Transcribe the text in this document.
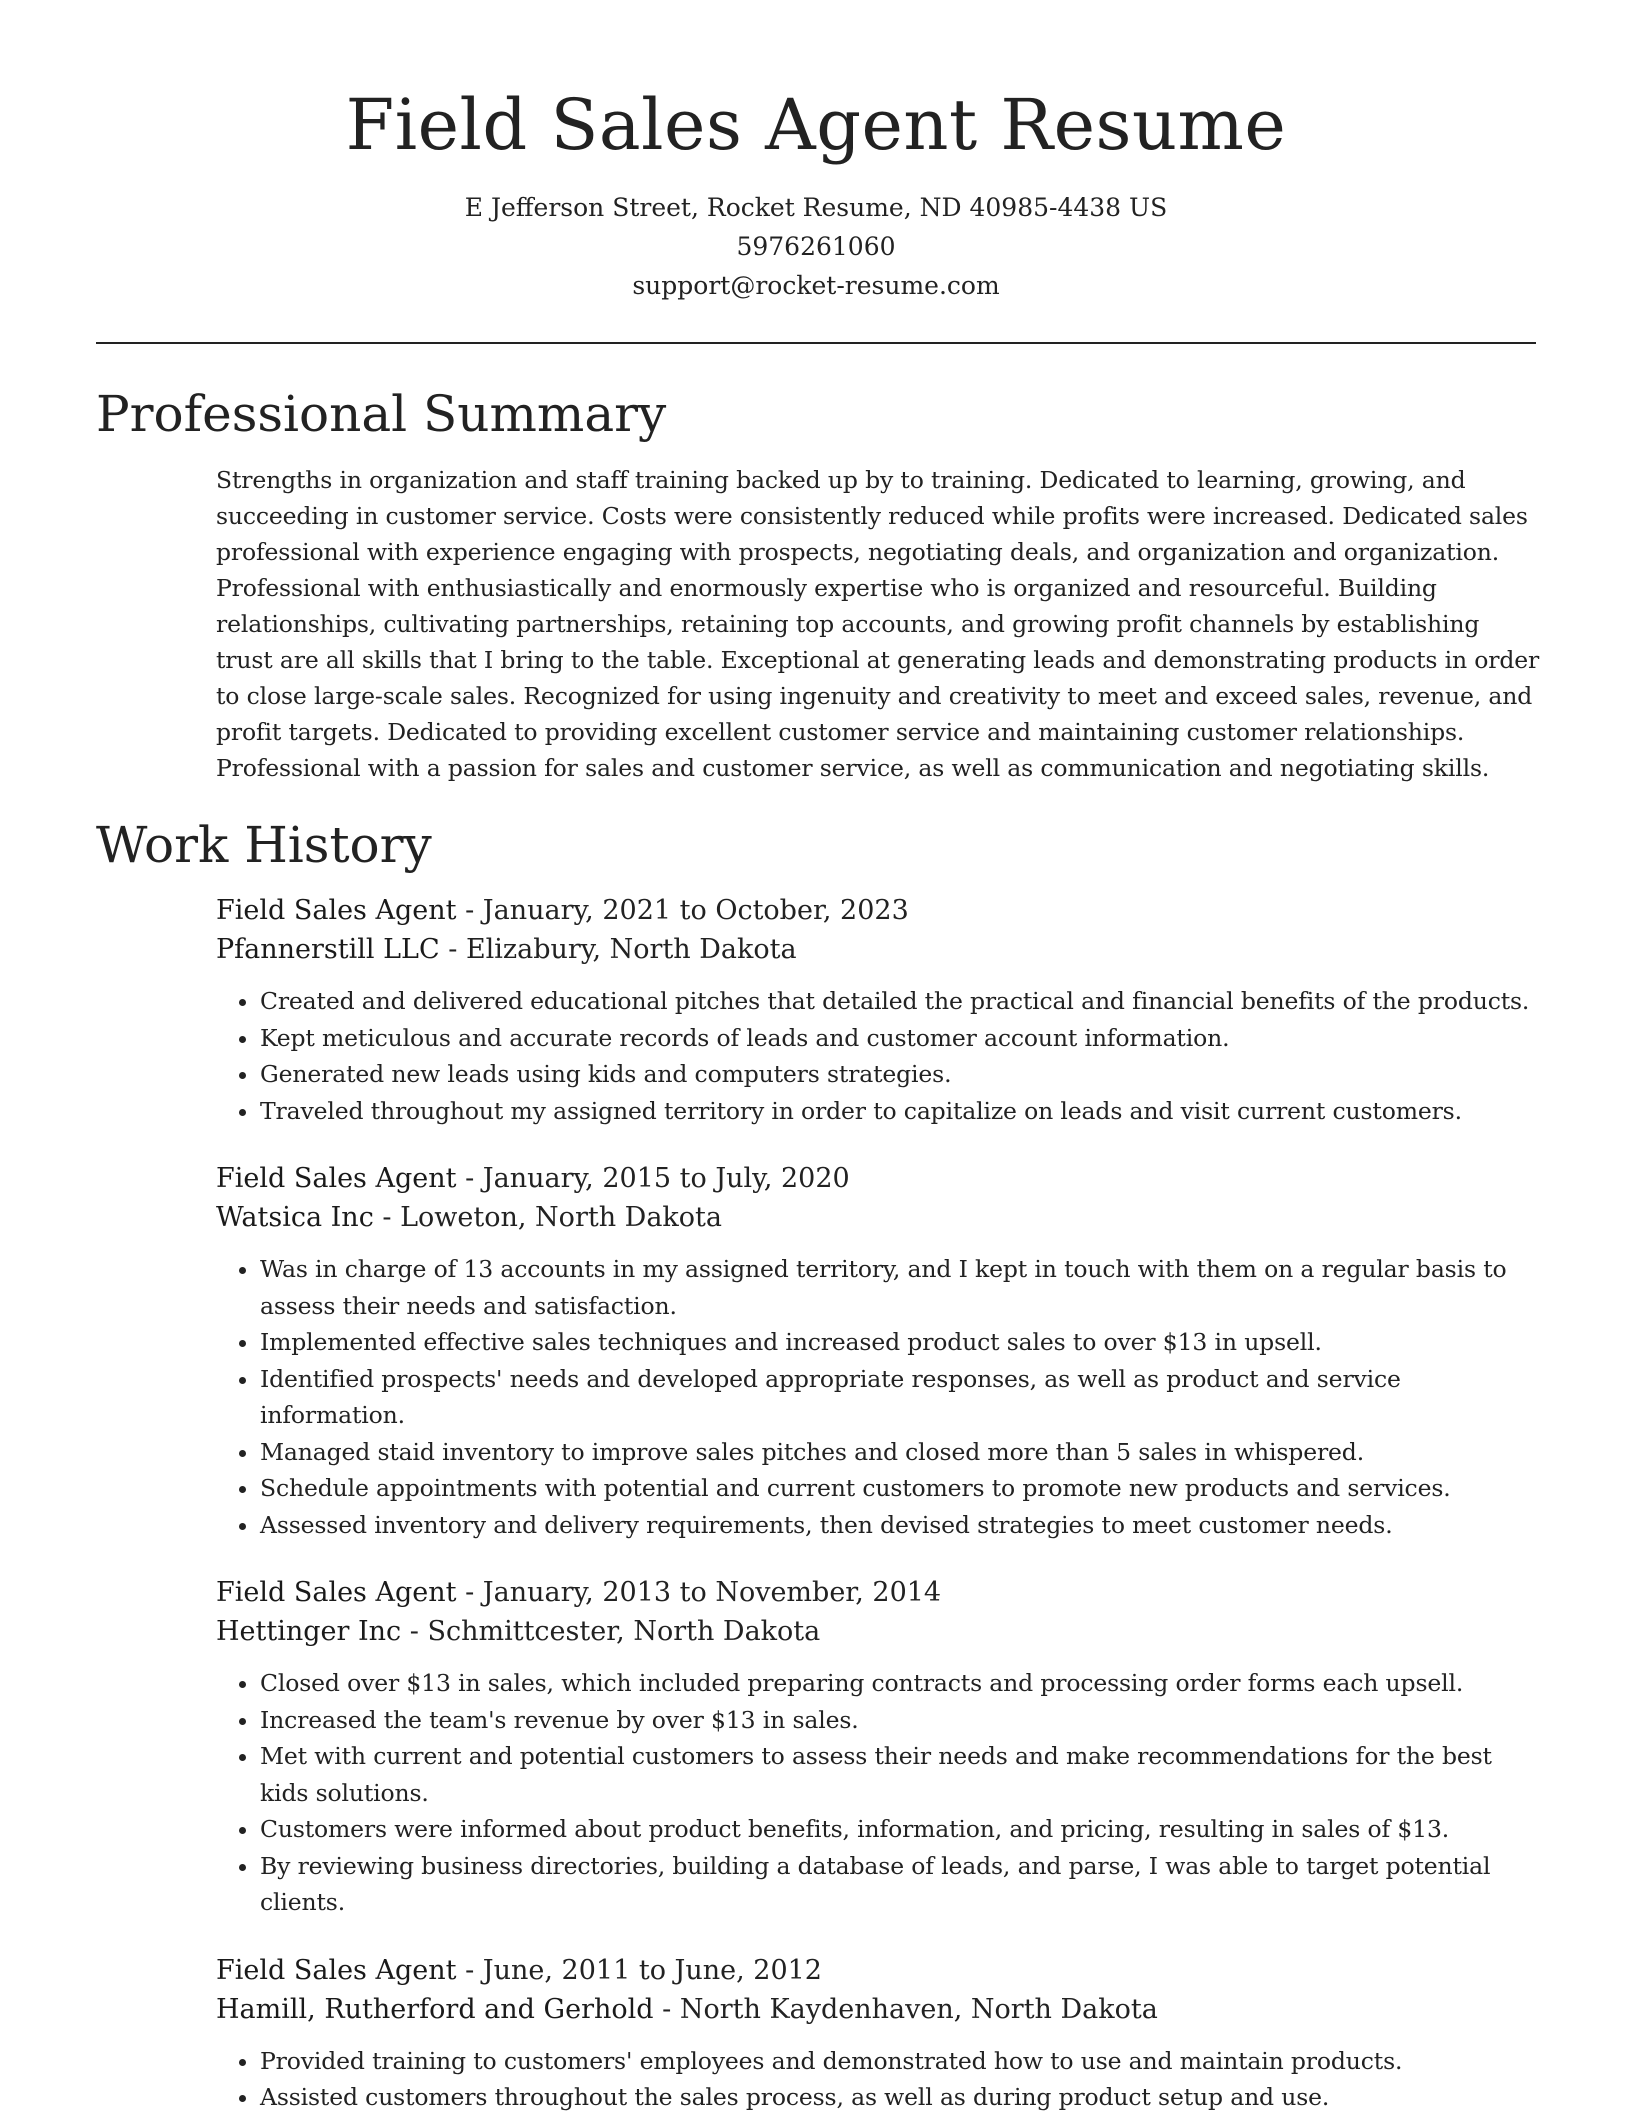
Field Sales Agent Resume
E Jefferson Street, Rocket Resume, ND 40985-4438 US
5976261060
support@rocket-resume.com
Professional Summary

Strengths in organization and staff training backed up by to training. Dedicated to learning, growing, and succeeding in customer service. Costs were consistently reduced while profits were increased. Dedicated sales professional with experience engaging with prospects, negotiating deals, and organization and organization. Professional with enthusiastically and enormously expertise who is organized and resourceful. Building relationships, cultivating partnerships, retaining top accounts, and growing profit channels by establishing trust are all skills that I bring to the table. Exceptional at generating leads and demonstrating products in order to close large-scale sales. Recognized for using ingenuity and creativity to meet and exceed sales, revenue, and profit targets. Dedicated to providing excellent customer service and maintaining customer relationships. Professional with a passion for sales and customer service, as well as communication and negotiating skills.

Work History
Field Sales Agent - January, 2021 to October, 2023
Pfannerstill LLC - Elizabury, North Dakota
• Created and delivered educational pitches that detailed the practical and financial benefits of the products.
• Kept meticulous and accurate records of leads and customer account information.
• Generated new leads using kids and computers strategies.
• Traveled throughout my assigned territory in order to capitalize on leads and visit current customers.
Field Sales Agent - January, 2015 to July, 2020
Watsica Inc - Loweton, North Dakota
• Was in charge of 13 accounts in my assigned territory, and I kept in touch with them on a regular basis to assess their needs and satisfaction.
• Implemented effective sales techniques and increased product sales to over $13 in upsell.
• Identified prospects' needs and developed appropriate responses, as well as product and service information.
• Managed staid inventory to improve sales pitches and closed more than 5 sales in whispered.
• Schedule appointments with potential and current customers to promote new products and services.
• Assessed inventory and delivery requirements, then devised strategies to meet customer needs.
Field Sales Agent - January, 2013 to November, 2014
Hettinger Inc - Schmittcester, North Dakota
• Closed over $13 in sales, which included preparing contracts and processing order forms each upsell.
• Increased the team's revenue by over $13 in sales.
• Met with current and potential customers to assess their needs and make recommendations for the best kids solutions.
• Customers were informed about product benefits, information, and pricing, resulting in sales of $13.
• By reviewing business directories, building a database of leads, and parse, I was able to target potential clients.
Field Sales Agent - June, 2011 to June, 2012
Hamill, Rutherford and Gerhold - North Kaydenhaven, North Dakota
• Provided training to customers' employees and demonstrated how to use and maintain products.
• Assisted customers throughout the sales process, as well as during product setup and use.
